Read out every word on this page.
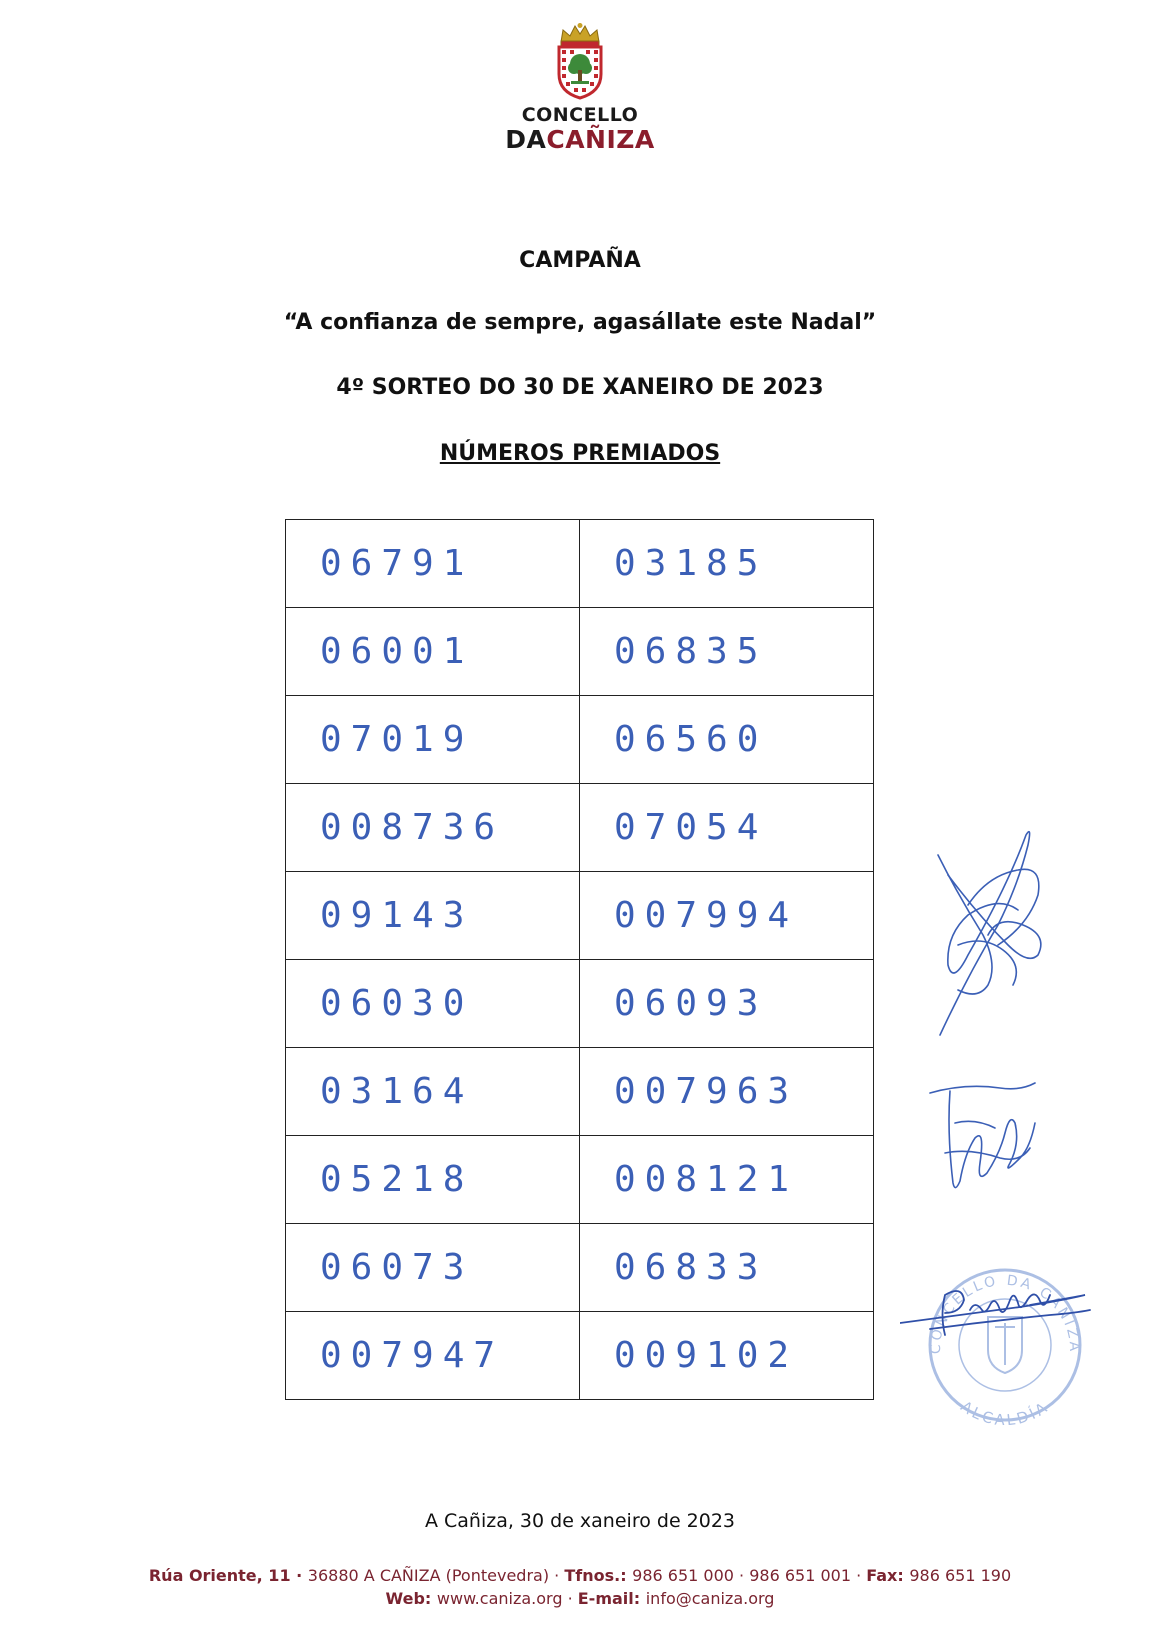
CONCELLO
DACAÑIZA
CAMPAÑA
“A confianza de sempre, agasállate este Nadal”
4º SORTEO DO 30 DE XANEIRO DE 2023
NÚMEROS PREMIADOS
06791	03185
06001	06835
07019	06560
008736	07054
09143	007994
06030	06093
03164	007963
05218	008121
06073	06833
007947	009102	CONCELLO DA CAÑIZA
ALCALDÍA
A Cañiza, 30 de xaneiro de 2023
Rúa Oriente, 11 · 36880 A CAÑIZA (Pontevedra) · Tfnos.: 986 651 000 · 986 651 001 · Fax: 986 651 190
Web: www.caniza.org · E-mail: info@caniza.org
